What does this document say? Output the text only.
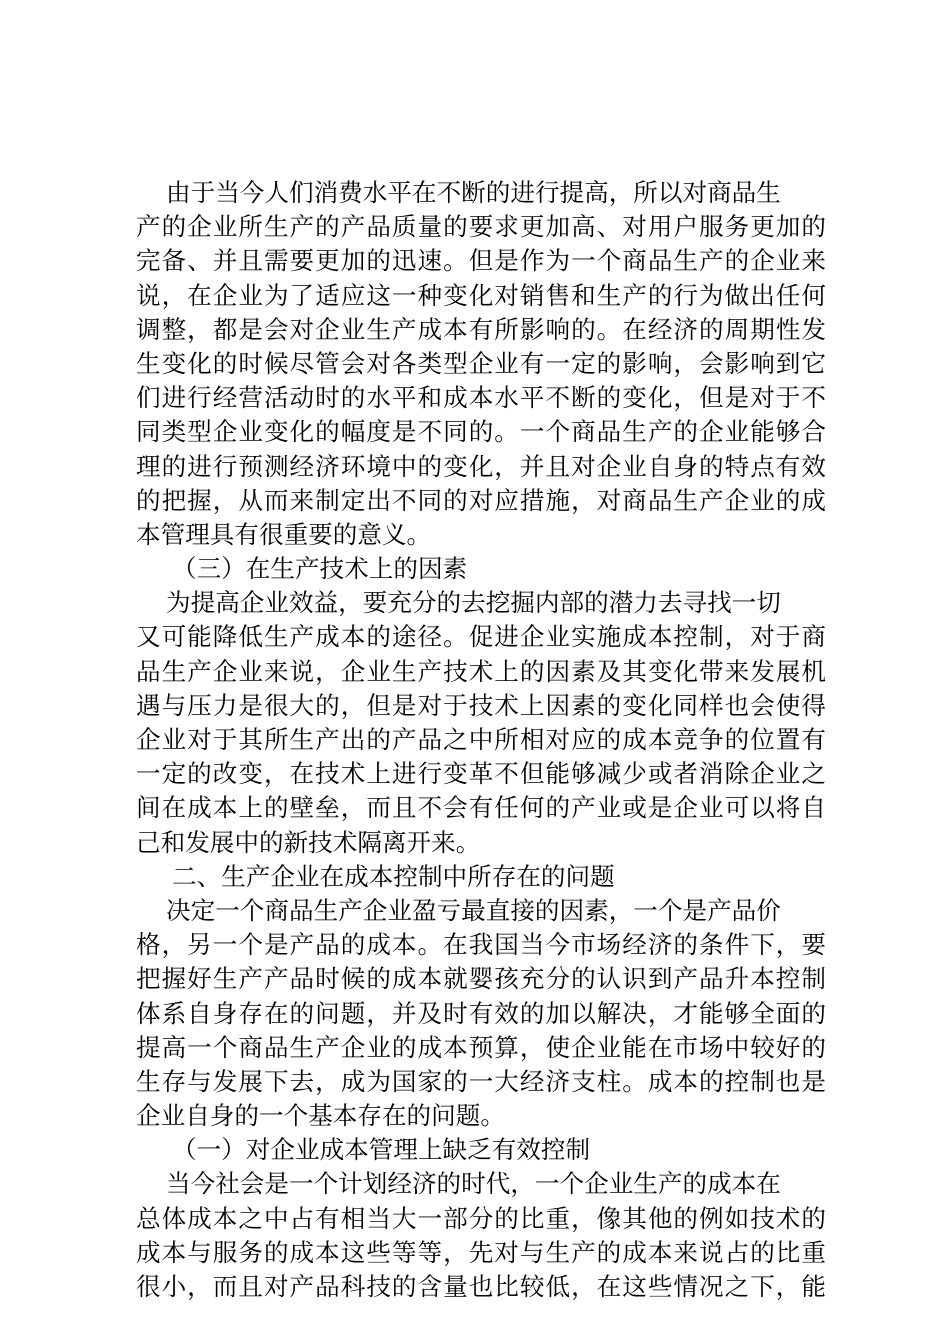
由于当今人们消费水平在不断的进行提高，所以对商品生
产的企业所生产的产品质量的要求更加高、对用户服务更加的
完备、并且需要更加的迅速。但是作为一个商品生产的企业来
说，在企业为了适应这一种变化对销售和生产的行为做出任何
调整，都是会对企业生产成本有所影响的。在经济的周期性发
生变化的时候尽管会对各类型企业有一定的影响，会影响到它
们进行经营活动时的水平和成本水平不断的变化，但是对于不
同类型企业变化的幅度是不同的。一个商品生产的企业能够合
理的进行预测经济环境中的变化，并且对企业自身的特点有效
的把握，从而来制定出不同的对应措施，对商品生产企业的成
本管理具有很重要的意义。
（三）在生产技术上的因素
为提高企业效益，要充分的去挖掘内部的潜力去寻找一切
又可能降低生产成本的途径。促进企业实施成本控制，对于商
品生产企业来说，企业生产技术上的因素及其变化带来发展机
遇与压力是很大的，但是对于技术上因素的变化同样也会使得
企业对于其所生产出的产品之中所相对应的成本竞争的位置有
一定的改变，在技术上进行变革不但能够减少或者消除企业之
间在成本上的壁垒，而且不会有任何的产业或是企业可以将自
己和发展中的新技术隔离开来。
二、生产企业在成本控制中所存在的问题
决定一个商品生产企业盈亏最直接的因素，一个是产品价
格，另一个是产品的成本。在我国当今市场经济的条件下，要
把握好生产产品时候的成本就婴孩充分的认识到产品升本控制
体系自身存在的问题，并及时有效的加以解决，才能够全面的
提高一个商品生产企业的成本预算，使企业能在市场中较好的
生存与发展下去，成为国家的一大经济支柱。成本的控制也是
企业自身的一个基本存在的问题。
（一）对企业成本管理上缺乏有效控制
当今社会是一个计划经济的时代，一个企业生产的成本在
总体成本之中占有相当大一部分的比重，像其他的例如技术的
成本与服务的成本这些等等，先对与生产的成本来说占的比重
很小，而且对产品科技的含量也比较低，在这些情况之下，能
